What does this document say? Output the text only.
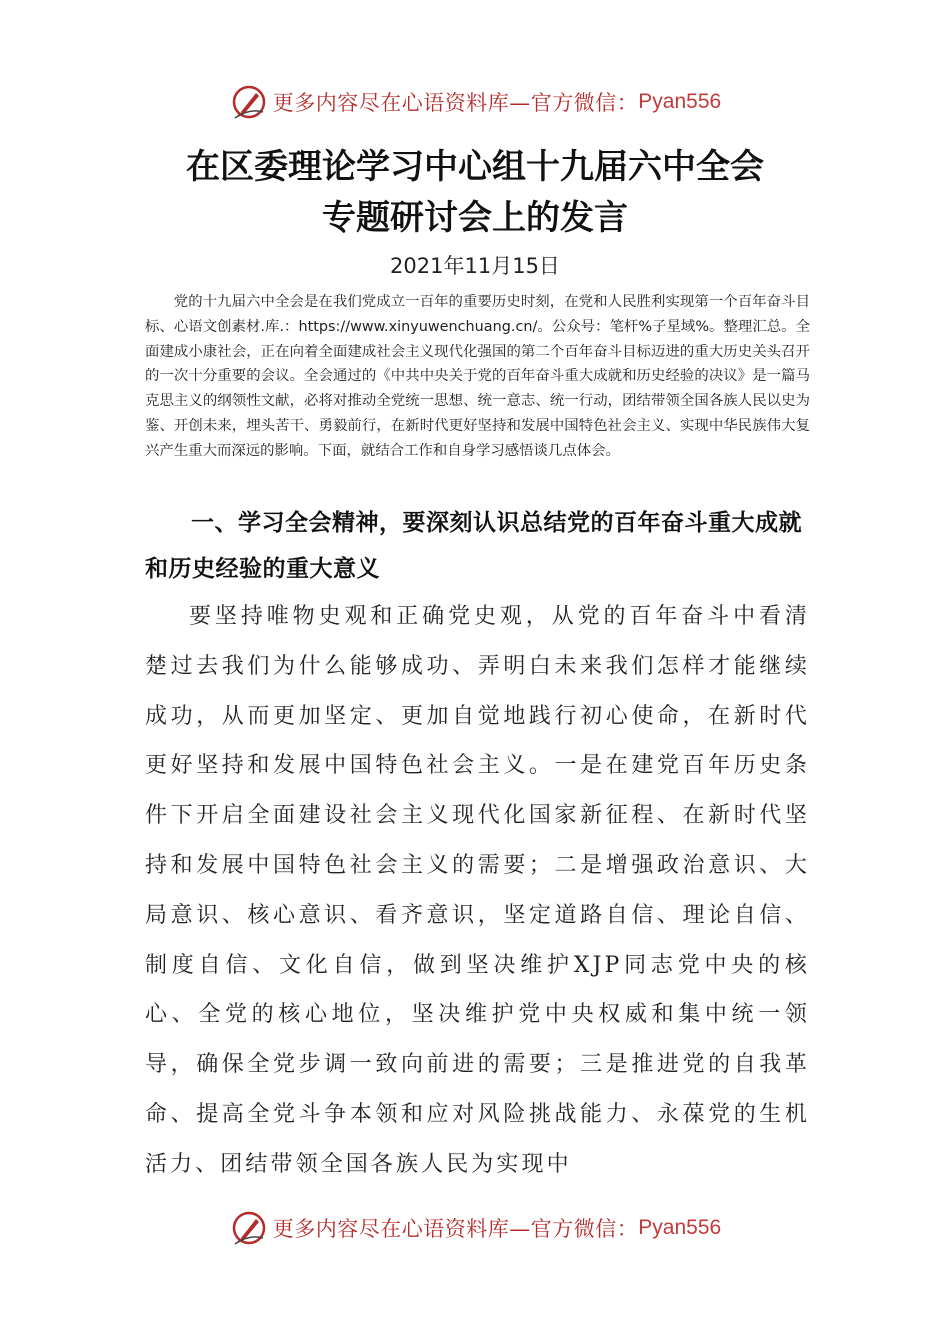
更多内容尽在心语资料库—官方微信： Pyan556
在区委理论学习中心组十九届六中全会
专题研讨会上的发言
2021年11月15日

党的十九届六中全会是在我们党成立一百年的重要历史时刻，在党和人民胜利实现第一个百年奋斗目标、心语文创素材.库.：https://www.xinyuwenchuang.cn/。公众号：笔杆%子星域%。整理汇总。全面建成小康社会，正在向着全面建成社会主义现代化强国的第二个百年奋斗目标迈进的重大历史关头召开的一次十分重要的会议。全会通过的《中共中央关于党的百年奋斗重大成就和历史经验的决议》是一篇马克思主义的纲领性文献，必将对推动全党统一思想、统一意志、统一行动，团结带领全国各族人民以史为鉴、开创未来，埋头苦干、勇毅前行，在新时代更好坚持和发展中国特色社会主义、实现中华民族伟大复兴产生重大而深远的影响。下面，就结合工作和自身学习感悟谈几点体会。

一、学习全会精神，要深刻认识总结党的百年奋斗重大成就和历史经验的重大意义

要坚持唯物史观和正确党史观，从党的百年奋斗中看清楚过去我们为什么能够成功、弄明白未来我们怎样才能继续成功，从而更加坚定、更加自觉地践行初心使命，在新时代更好坚持和发展中国特色社会主义。一是在建党百年历史条件下开启全面建设社会主义现代化国家新征程、在新时代坚持和发展中国特色社会主义的需要；二是增强政治意识、大局意识、核心意识、看齐意识，坚定道路自信、理论自信、制度自信、文化自信，做到坚决维护XJP同志党中央的核心、全党的核心地位，坚决维护党中央权威和集中统一领导，确保全党步调一致向前进的需要；三是推进党的自我革命、提高全党斗争本领和应对风险挑战能力、永葆党的生机活力、团结带领全国各族人民为实现中

更多内容尽在心语资料库—官方微信： Pyan556
